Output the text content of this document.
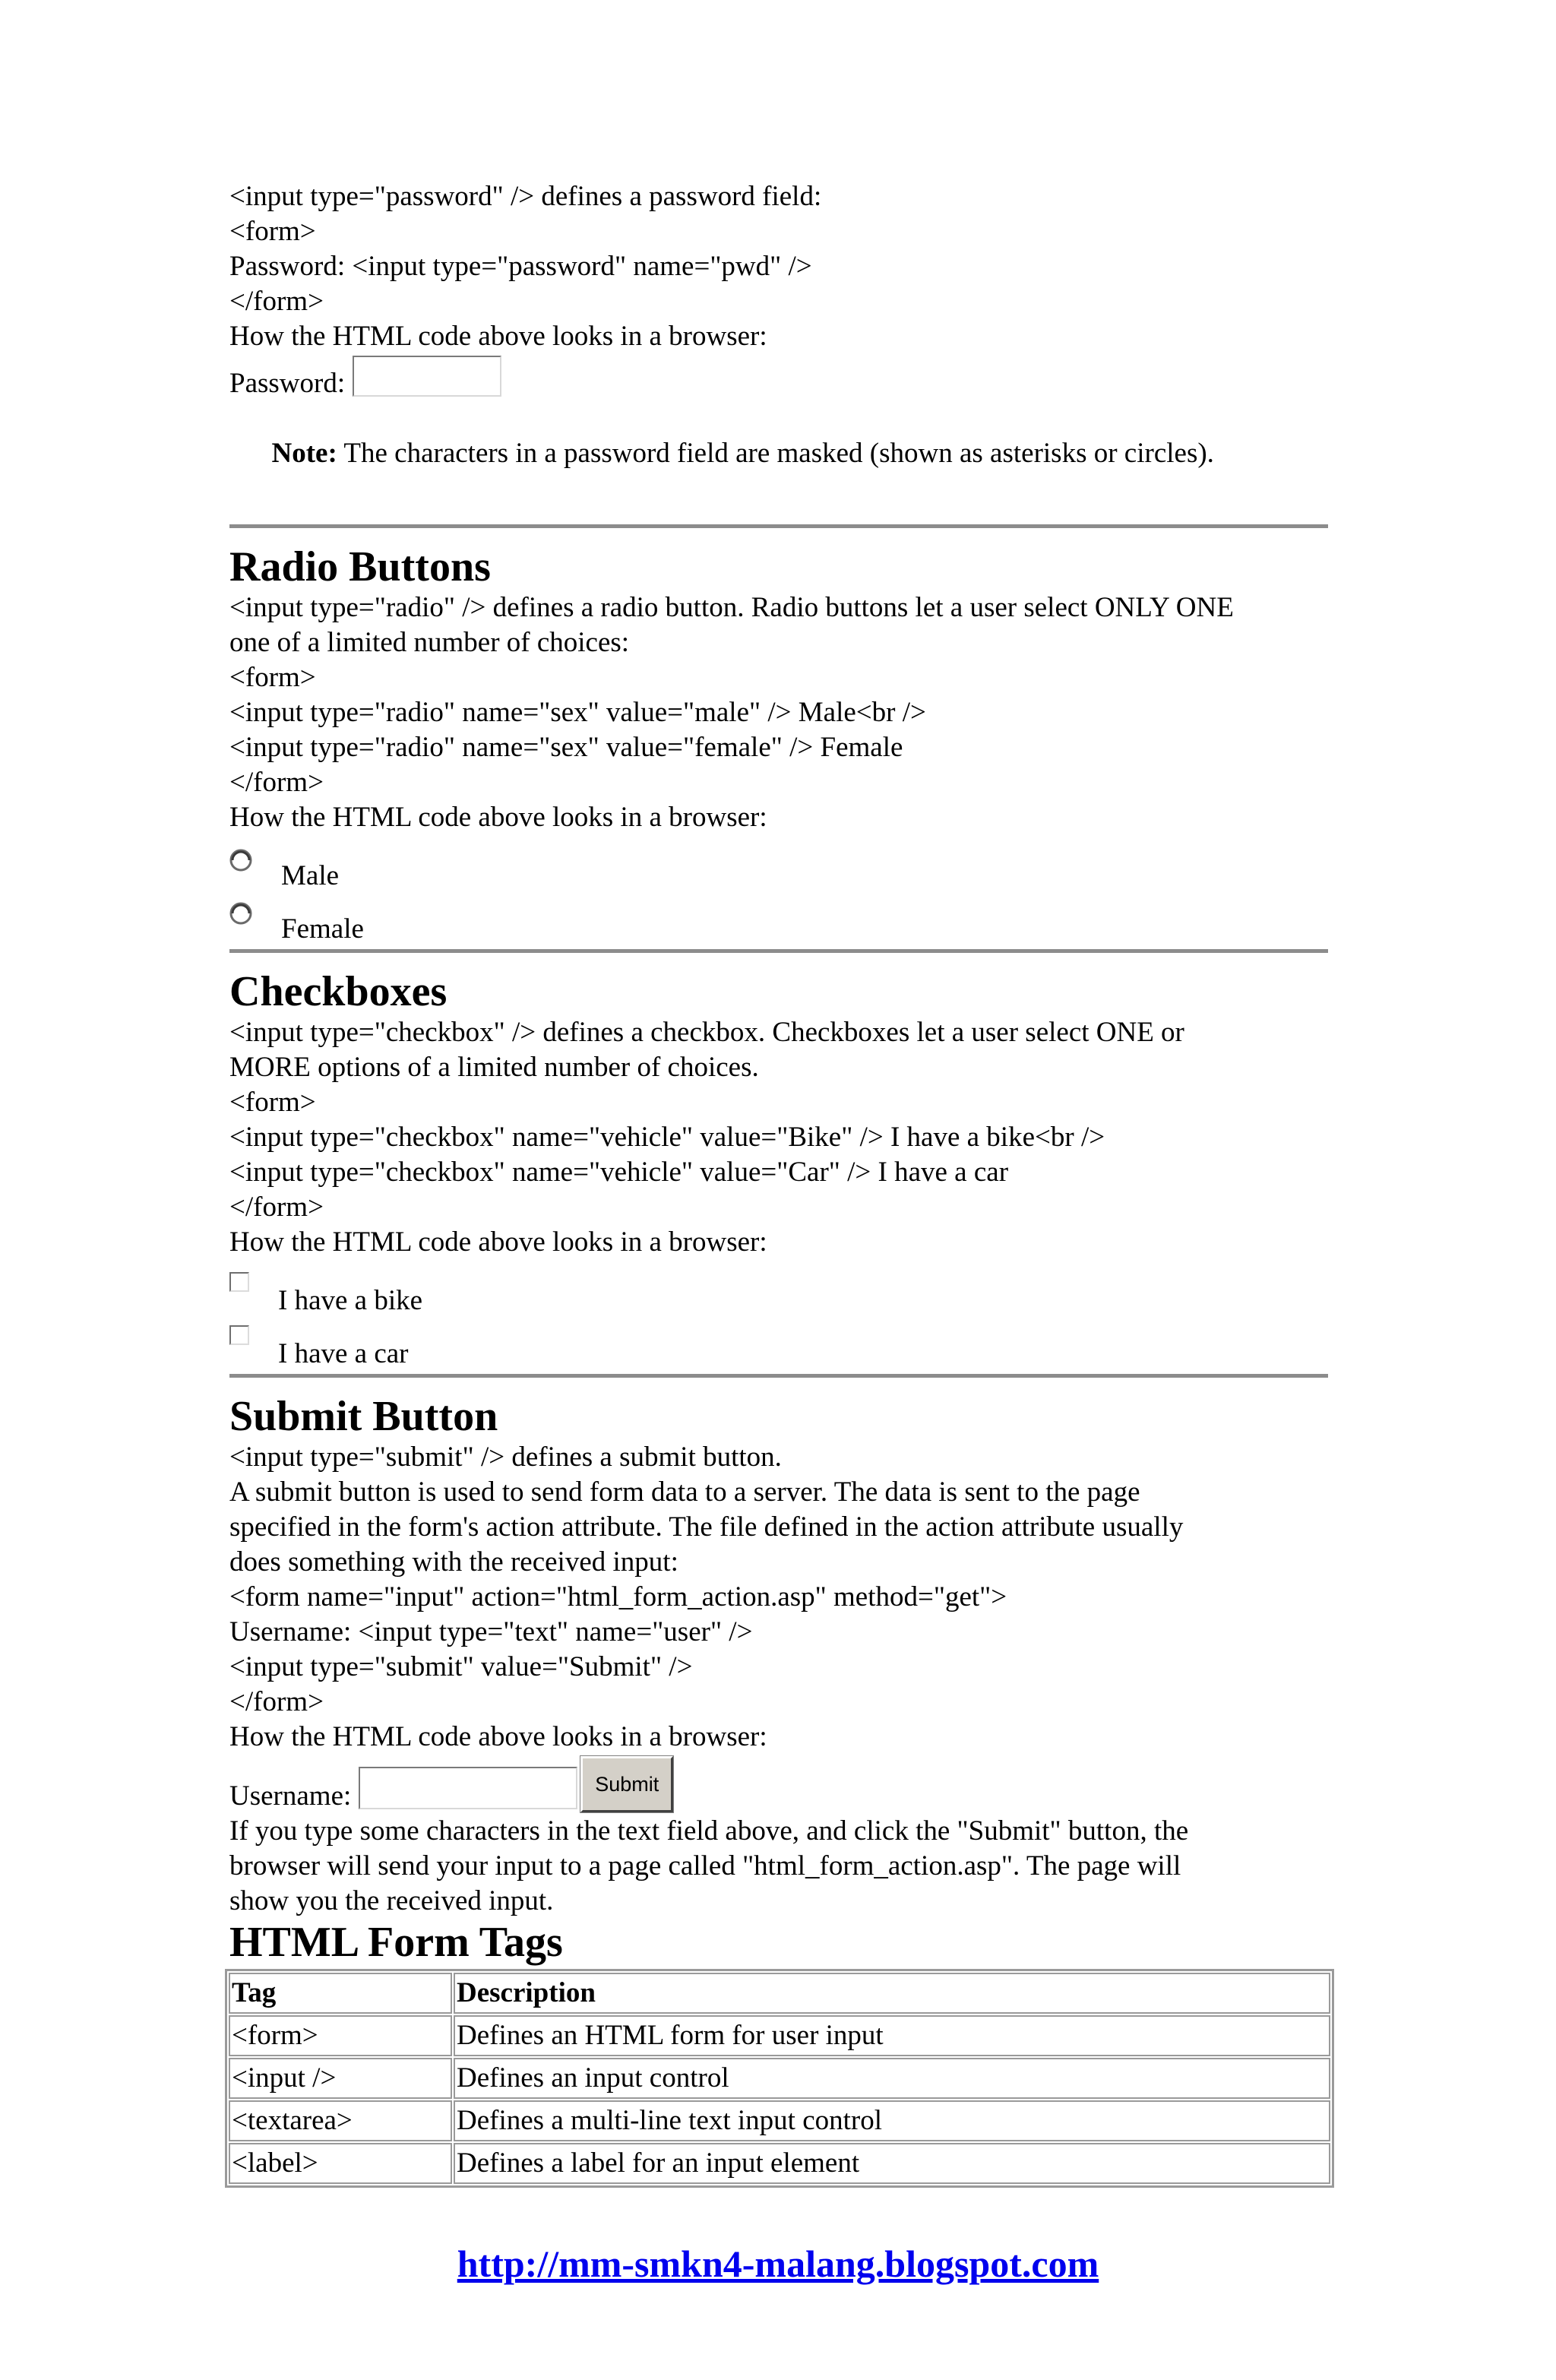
<input type="password" /> defines a password field:

<form>

Password: <input type="password" name="pwd" />

</form>

How the HTML code above looks in a browser:

Password:

Note: The characters in a password field are masked (shown as asterisks or circles).

Radio Buttons

<input type="radio" /> defines a radio button. Radio buttons let a user select ONLY ONE

one of a limited number of choices:

<form>

<input type="radio" name="sex" value="male" /> Male<br />

<input type="radio" name="sex" value="female" /> Female

</form>

How the HTML code above looks in a browser:

Male
Female
Checkboxes

<input type="checkbox" /> defines a checkbox. Checkboxes let a user select ONE or

MORE options of a limited number of choices.

<form>

<input type="checkbox" name="vehicle" value="Bike" /> I have a bike<br />

<input type="checkbox" name="vehicle" value="Car" /> I have a car

</form>

How the HTML code above looks in a browser:

I have a bike
I have a car
Submit Button

<input type="submit" /> defines a submit button.

A submit button is used to send form data to a server. The data is sent to the page

specified in the form's action attribute. The file defined in the action attribute usually

does something with the received input:

<form name="input" action="html_form_action.asp" method="get">

Username: <input type="text" name="user" />

<input type="submit" value="Submit" />

</form>

How the HTML code above looks in a browser:

Username:	Submit

If you type some characters in the text field above, and click the "Submit" button, the

browser will send your input to a page called "html_form_action.asp". The page will

show you the received input.

HTML Form Tags
Tag	Description
<form>	Defines an HTML form for user input
<input />	Defines an input control
<textarea>	Defines a multi-line text input control
<label>	Defines a label for an input element
http://mm-smkn4-malang.blogspot.com
